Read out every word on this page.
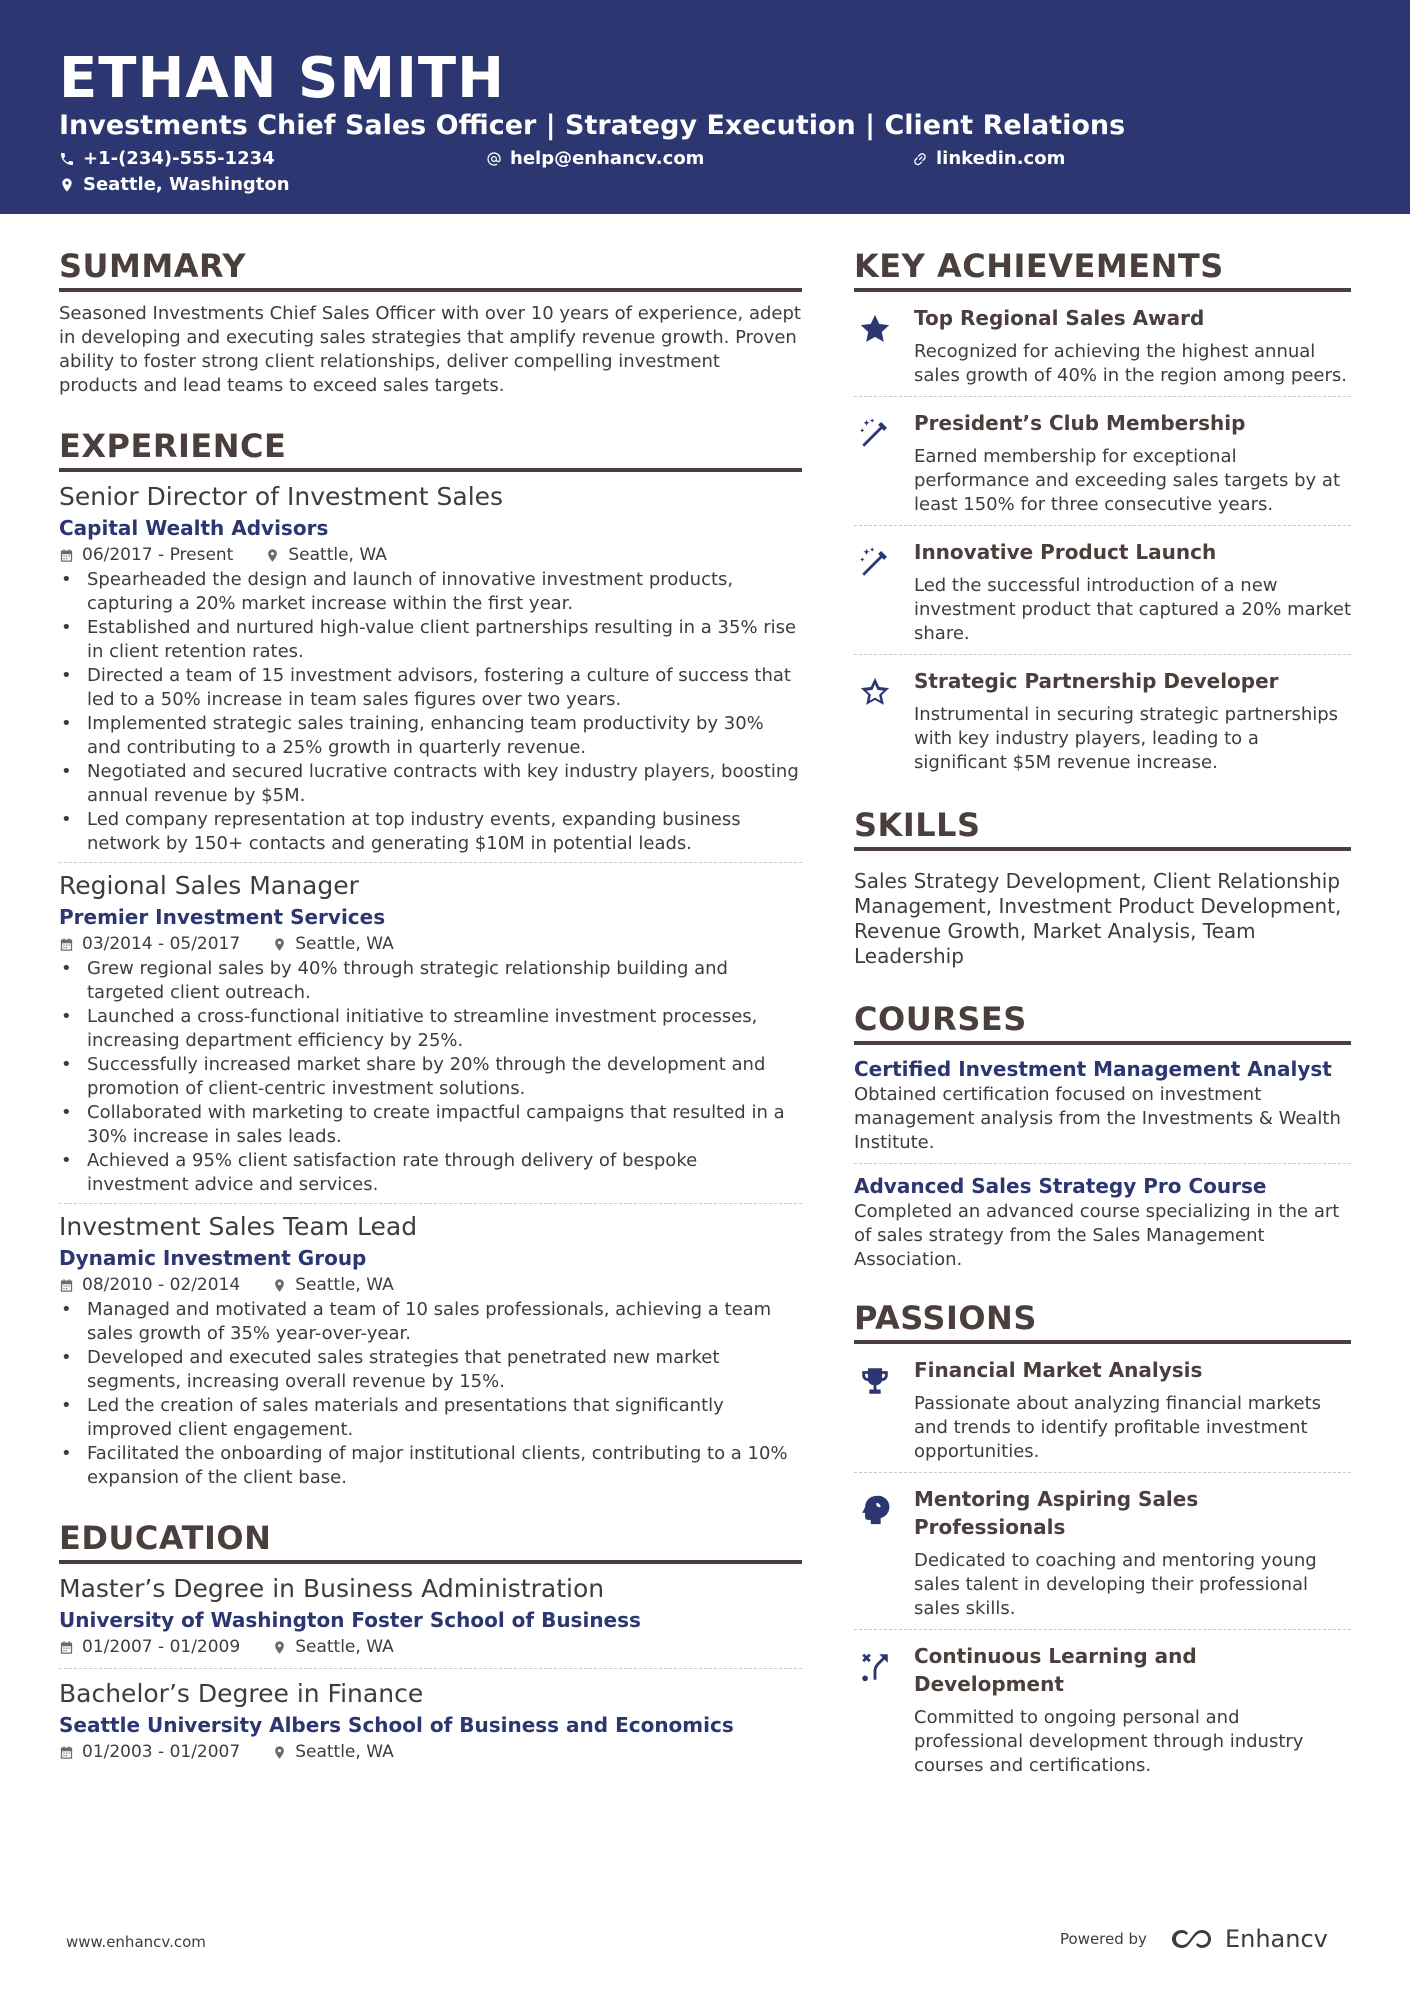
ETHAN SMITH
Investments Chief Sales Officer | Strategy Execution | Client Relations
+1-(234)-555-1234	help@enhancv.com	linkedin.com
Seattle, Washington
SUMMARY
Seasoned Investments Chief Sales Officer with over 10 years of experience, adept in developing and executing sales strategies that amplify revenue growth. Proven ability to foster strong client relationships, deliver compelling investment products and lead teams to exceed sales targets.
EXPERIENCE
Senior Director of Investment Sales
Capital Wealth Advisors
06/2017 - Present	Seattle, WA
• Spearheaded the design and launch of innovative investment products, capturing a 20% market increase within the first year.
• Established and nurtured high-value client partnerships resulting in a 35% rise in client retention rates.
• Directed a team of 15 investment advisors, fostering a culture of success that led to a 50% increase in team sales figures over two years.
• Implemented strategic sales training, enhancing team productivity by 30% and contributing to a 25% growth in quarterly revenue.
• Negotiated and secured lucrative contracts with key industry players, boosting annual revenue by $5M.
• Led company representation at top industry events, expanding business network by 150+ contacts and generating $10M in potential leads.
Regional Sales Manager
Premier Investment Services
03/2014 - 05/2017	Seattle, WA
• Grew regional sales by 40% through strategic relationship building and targeted client outreach.
• Launched a cross-functional initiative to streamline investment processes, increasing department efficiency by 25%.
• Successfully increased market share by 20% through the development and promotion of client-centric investment solutions.
• Collaborated with marketing to create impactful campaigns that resulted in a 30% increase in sales leads.
• Achieved a 95% client satisfaction rate through delivery of bespoke investment advice and services.
Investment Sales Team Lead
Dynamic Investment Group
08/2010 - 02/2014	Seattle, WA
• Managed and motivated a team of 10 sales professionals, achieving a team sales growth of 35% year-over-year.
• Developed and executed sales strategies that penetrated new market segments, increasing overall revenue by 15%.
• Led the creation of sales materials and presentations that significantly improved client engagement.
• Facilitated the onboarding of major institutional clients, contributing to a 10% expansion of the client base.
EDUCATION
Master’s Degree in Business Administration
University of Washington Foster School of Business
01/2007 - 01/2009	Seattle, WA
Bachelor’s Degree in Finance
Seattle University Albers School of Business and Economics
01/2003 - 01/2007	Seattle, WA
KEY ACHIEVEMENTS
Top Regional Sales Award
Recognized for achieving the highest annual sales growth of 40% in the region among peers.
President’s Club Membership
Earned membership for exceptional performance and exceeding sales targets by at least 150% for three consecutive years.
Innovative Product Launch
Led the successful introduction of a new investment product that captured a 20% market share.
Strategic Partnership Developer
Instrumental in securing strategic partnerships with key industry players, leading to a significant $5M revenue increase.
SKILLS
Sales Strategy Development, Client Relationship Management, Investment Product Development, Revenue Growth, Market Analysis, Team Leadership
COURSES
Certified Investment Management Analyst
Obtained certification focused on investment management analysis from the Investments & Wealth Institute.
Advanced Sales Strategy Pro Course
Completed an advanced course specializing in the art of sales strategy from the Sales Management Association.
PASSIONS
Financial Market Analysis
Passionate about analyzing financial markets and trends to identify profitable investment opportunities.
Mentoring Aspiring Sales Professionals
Dedicated to coaching and mentoring young sales talent in developing their professional sales skills.
Continuous Learning and Development
Committed to ongoing personal and professional development through industry courses and certifications.
www.enhancv.com	Powered by	Enhancv
